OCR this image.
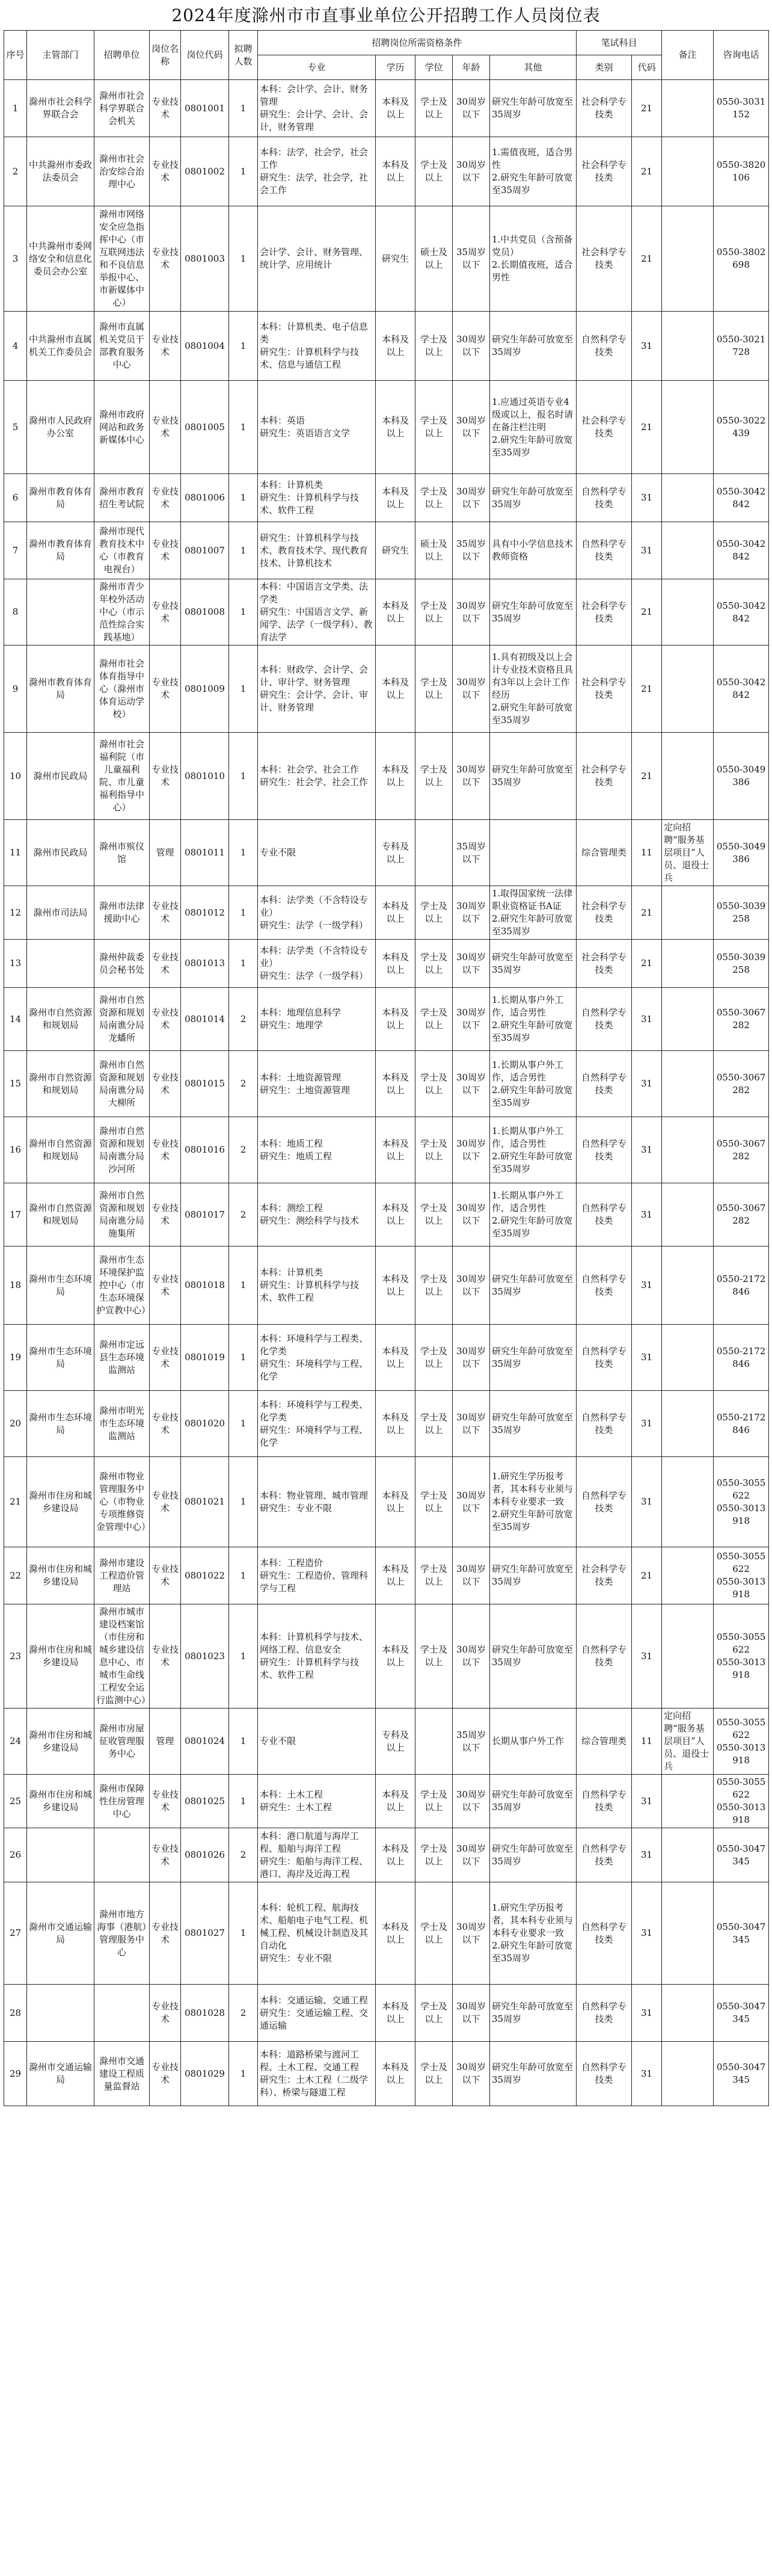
2024年度滁州市市直事业单位公开招聘工作人员岗位表
序号	主管部门	招聘单位	岗位名称	岗位代码	拟聘人数	招聘岗位所需资格条件					笔试科目		备注	咨询电话
						专业	学历	学位	年龄	其他	类别	代码		
1	滁州市社会科学界联合会	滁州市社会科学界联合会机关	专业技术	0801001	1	本科：会计学、会计、财务管理
研究生：会计学、会计、会计，财务管理	本科及以上	学士及以上	30周岁以下	研究生年龄可放宽至35周岁	社会科学专技类	21		0550-3031152
2	中共滁州市委政法委员会	滁州市社会治安综合治理中心	专业技术	0801002	1	本科：法学，社会学，社会工作
研究生：法学，社会学，社会工作	本科及以上	学士及以上	30周岁以下	1.需值夜班，适合男性
2.研究生年龄可放宽至35周岁	社会科学专技类	21		0550-3820106
3	中共滁州市委网络安全和信息化委员会办公室	滁州市网络安全应急指挥中心（市互联网违法和不良信息举报中心、市新媒体中心）	专业技术	0801003	1	会计学、会计、财务管理、统计学、应用统计	研究生	硕士及以上	35周岁以下	1.中共党员（含预备党员）
2.长期值夜班，适合男性	社会科学专技类	21		0550-3802698
4	中共滁州市直属机关工作委员会	滁州市直属机关党员干部教育服务中心	专业技术	0801004	1	本科：计算机类、电子信息类
研究生：计算机科学与技术、信息与通信工程	本科及以上	学士及以上	30周岁以下	研究生年龄可放宽至35周岁	自然科学专技类	31		0550-3021728
5	滁州市人民政府办公室	滁州市政府网站和政务新媒体中心	专业技术	0801005	1	本科：英语
研究生：英语语言文学	本科及以上	学士及以上	30周岁以下	1.应通过英语专业4级或以上，报名时请在备注栏注明
2.研究生年龄可放宽至35周岁	社会科学专技类	21		0550-3022439
6	滁州市教育体育局	滁州市教育招生考试院	专业技术	0801006	1	本科：计算机类
研究生：计算机科学与技术、软件工程	本科及以上	学士及以上	30周岁以下	研究生年龄可放宽至35周岁	自然科学专技类	31		0550-3042842
7	滁州市教育体育局	滁州市现代教育技术中心（市教育电视台）	专业技术	0801007	1	研究生：计算机科学与技术、教育技术学、现代教育技术、计算机技术	研究生	硕士及以上	35周岁以下	具有中小学信息技术教师资格	自然科学专技类	31		0550-3042842
8		滁州市青少年校外活动中心（市示范性综合实践基地）	专业技术	0801008	1	本科：中国语言文学类、法学类
研究生：中国语言文学、新闻学、法学（一级学科）、教育法学	本科及以上	学士及以上	30周岁以下	研究生年龄可放宽至35周岁	社会科学专技类	21		0550-3042842
9	滁州市教育体育局	滁州市社会体育指导中心（滁州市体育运动学校）	专业技术	0801009	1	本科：财政学、会计学、会计、审计学、财务管理
研究生：会计学、会计、审计、财务管理	本科及以上	学士及以上	30周岁以下	1.具有初级及以上会计专业技术资格且具有3年以上会计工作经历
2.研究生年龄可放宽至35周岁	社会科学专技类	21		0550-3042842
10	滁州市民政局	滁州市社会福利院（市儿童福利院、市儿童福利指导中心）	专业技术	0801010	1	本科：社会学、社会工作
研究生：社会学、社会工作	本科及以上	学士及以上	30周岁以下	研究生年龄可放宽至35周岁	社会科学专技类	21		0550-3049386
11	滁州市民政局	滁州市殡仪馆	管理	0801011	1	专业不限	专科及以上		35周岁以下		综合管理类	11	定向招聘“服务基层项目”人员、退役士兵	0550-3049386
12	滁州市司法局	滁州市法律援助中心	专业技术	0801012	1	本科：法学类（不含特设专业）
研究生：法学（一级学科）	本科及以上	学士及以上	30周岁以下	1.取得国家统一法律职业资格证书A证
2.研究生年龄可放宽至35周岁	社会科学专技类	21		0550-3039258
13		滁州仲裁委员会秘书处	专业技术	0801013	1	本科：法学类（不含特设专业）
研究生：法学（一级学科）	本科及以上	学士及以上	30周岁以下	研究生年龄可放宽至35周岁	社会科学专技类	21		0550-3039258
14	滁州市自然资源和规划局	滁州市自然资源和规划局南谯分局龙蟠所	专业技术	0801014	2	本科：地理信息科学
研究生：地理学	本科及以上	学士及以上	30周岁以下	1.长期从事户外工作，适合男性
2.研究生年龄可放宽至35周岁	自然科学专技类	31		0550-3067282
15	滁州市自然资源和规划局	滁州市自然资源和规划局南谯分局大柳所	专业技术	0801015	2	本科：土地资源管理
研究生：土地资源管理	本科及以上	学士及以上	30周岁以下	1.长期从事户外工作，适合男性
2.研究生年龄可放宽至35周岁	自然科学专技类	31		0550-3067282
16	滁州市自然资源和规划局	滁州市自然资源和规划局南谯分局沙河所	专业技术	0801016	2	本科：地质工程
研究生：地质工程	本科及以上	学士及以上	30周岁以下	1.长期从事户外工作，适合男性
2.研究生年龄可放宽至35周岁	自然科学专技类	31		0550-3067282
17	滁州市自然资源和规划局	滁州市自然资源和规划局南谯分局施集所	专业技术	0801017	2	本科：测绘工程
研究生：测绘科学与技术	本科及以上	学士及以上	30周岁以下	1.长期从事户外工作，适合男性
2.研究生年龄可放宽至35周岁	自然科学专技类	31		0550-3067282
18	滁州市生态环境局	滁州市生态环境保护监控中心（市生态环境保护宣教中心）	专业技术	0801018	1	本科：计算机类
研究生：计算机科学与技术、软件工程	本科及以上	学士及以上	30周岁以下	研究生年龄可放宽至35周岁	自然科学专技类	31		0550-2172846
19	滁州市生态环境局	滁州市定远县生态环境监测站	专业技术	0801019	1	本科：环境科学与工程类、化学类
研究生：环境科学与工程、化学	本科及以上	学士及以上	30周岁以下	研究生年龄可放宽至35周岁	自然科学专技类	31		0550-2172846
20	滁州市生态环境局	滁州市明光市生态环境监测站	专业技术	0801020	1	本科：环境科学与工程类、化学类
研究生：环境科学与工程、化学	本科及以上	学士及以上	30周岁以下	研究生年龄可放宽至35周岁	自然科学专技类	31		0550-2172846
21	滁州市住房和城乡建设局	滁州市物业管理服务中心（市物业专项维修资金管理中心）	专业技术	0801021	1	本科：物业管理、城市管理
研究生：专业不限	本科及以上	学士及以上	30周岁以下	1.研究生学历报考者，其本科专业须与本科专业要求一致
2.研究生年龄可放宽至35周岁	自然科学专技类	31		0550-3055622
0550-3013918
22	滁州市住房和城乡建设局	滁州市建设工程造价管理站	专业技术	0801022	1	本科：工程造价
研究生：工程造价、管理科学与工程	本科及以上	学士及以上	30周岁以下	研究生年龄可放宽至35周岁	社会科学专技类	21		0550-3055622
0550-3013918
23	滁州市住房和城乡建设局	滁州市城市建设档案馆（市住房和城乡建设信息中心、市城市生命线工程安全运行监测中心）	专业技术	0801023	1	本科：计算机科学与技术、网络工程、信息安全
研究生：计算机科学与技术、软件工程	本科及以上	学士及以上	30周岁以下	研究生年龄可放宽至35周岁	自然科学专技类	31		0550-3055622
0550-3013918
24	滁州市住房和城乡建设局	滁州市房屋征收管理服务中心	管理	0801024	1	专业不限	专科及以上		35周岁以下	长期从事户外工作	综合管理类	11	定向招聘“服务基层项目”人员、退役士兵	0550-3055622
0550-3013918
25	滁州市住房和城乡建设局	滁州市保障性住房管理中心	专业技术	0801025	1	本科：土木工程
研究生：土木工程	本科及以上	学士及以上	30周岁以下	研究生年龄可放宽至35周岁	自然科学专技类	31		0550-3055622
0550-3013918
26			专业技术	0801026	2	本科：港口航道与海岸工程、船舶与海洋工程
研究生：船舶与海洋工程、港口、海岸及近海工程	本科及以上	学士及以上	30周岁以下	研究生年龄可放宽至35周岁	自然科学专技类	31		0550-3047345
27	滁州市交通运输局	滁州市地方海事（港航）管理服务中心	专业技术	0801027	1	本科：轮机工程、航海技术、船舶电子电气工程、机械工程、机械设计制造及其自动化
研究生：专业不限	本科及以上	学士及以上	30周岁以下	1.研究生学历报考者，其本科专业须与本科专业要求一致
2.研究生年龄可放宽至35周岁	自然科学专技类	31		0550-3047345
28			专业技术	0801028	2	本科：交通运输、交通工程
研究生：交通运输工程、交通运输	本科及以上	学士及以上	30周岁以下	研究生年龄可放宽至35周岁	自然科学专技类	31		0550-3047345
29	滁州市交通运输局	滁州市交通建设工程质量监督站	专业技术	0801029	1	本科：道路桥梁与渡河工程、土木工程、交通工程
研究生：土木工程（二级学科）、桥梁与隧道工程	本科及以上	学士及以上	30周岁以下	研究生年龄可放宽至35周岁	自然科学专技类	31		0550-3047345
